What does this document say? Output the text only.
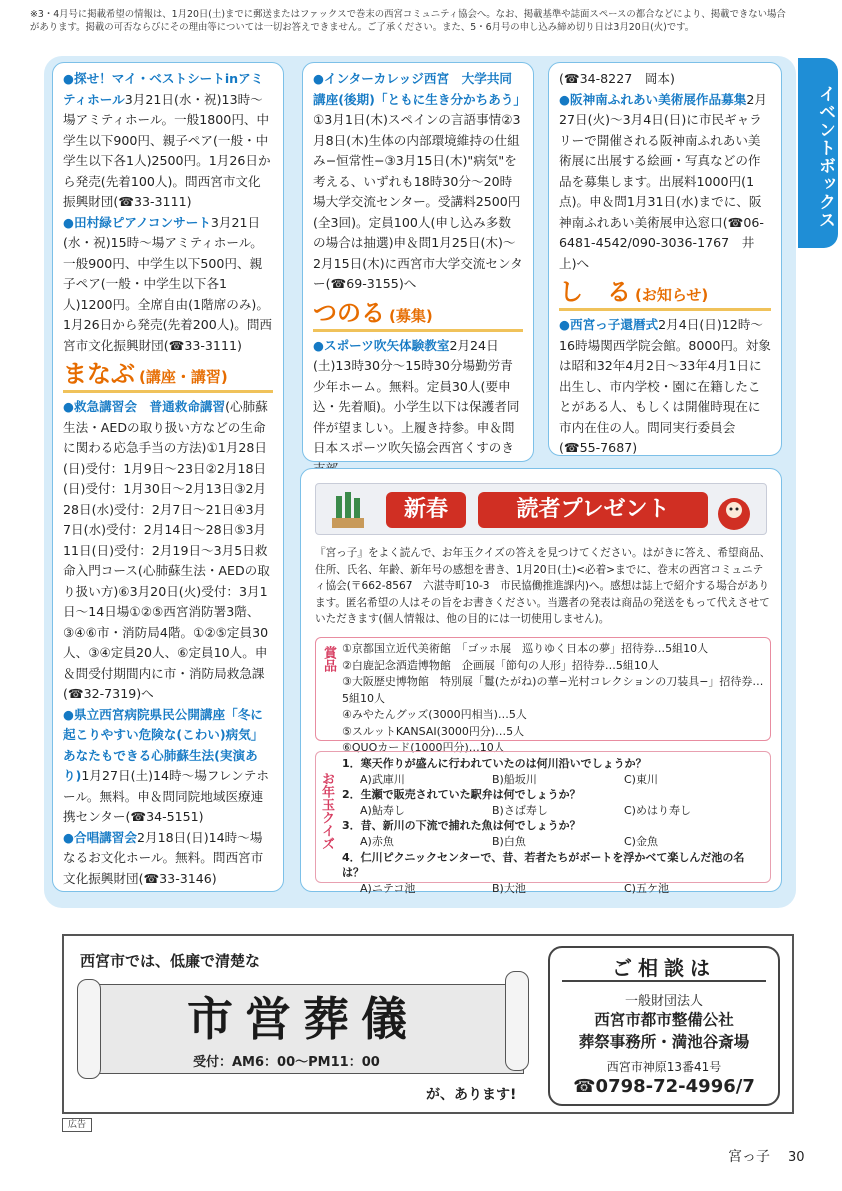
※3・4月号に掲載希望の情報は、1月20日(土)までに郵送またはファックスで巻末の西宮コミュニティ協会へ。なお、掲載基準や誌面スペースの都合などにより、掲載できない場合があります。掲載の可否ならびにその理由等については一切お答えできません。ご了承ください。また、5・6月号の申し込み締め切り日は3月20日(火)です。
イベントボックス
●探せ！マイ・ベストシートinアミティホール3月21日(水・祝)13時〜場アミティホール。一般1800円、中学生以下900円、親子ペア(一般・中学生以下各1人)2500円。1月26日から発売(先着100人)。問西宮市文化振興財団(☎33-3111)
●田村緑ピアノコンサート3月21日(水・祝)15時〜場アミティホール。一般900円、中学生以下500円、親子ペア(一般・中学生以下各1人)1200円。全席自由(1階席のみ)。1月26日から発売(先着200人)。問西宮市文化振興財団(☎33-3111)
まなぶ (講座・講習)
●救急講習会　普通救命講習(心肺蘇生法・AEDの取り扱い方などの生命に関わる応急手当の方法)①1月28日(日)受付：1月9日〜23日②2月18日(日)受付：1月30日〜2月13日③2月28日(水)受付：2月7日〜21日④3月7日(水)受付：2月14日〜28日⑤3月11日(日)受付：2月19日〜3月5日救命入門コース(心肺蘇生法・AEDの取り扱い方)⑥3月20日(火)受付：3月1日〜14日場①②⑤西宮消防署3階、③④⑥市・消防局4階。①②⑤定員30人、③④定員20人、⑥定員10人。申＆問受付期間内に市・消防局救急課(☎32-7319)へ
●県立西宮病院県民公開講座「冬に起こりやすい危険な(こわい)病気」あなたもできる心肺蘇生法(実演あり)1月27日(土)14時〜場フレンテホール。無料。申＆問同院地域医療連携センター(☎34-5151)
●合唱講習会2月18日(日)14時〜場なるお文化ホール。無料。問西宮市文化振興財団(☎33-3146)
●インターカレッジ西宮　大学共同講座(後期)「ともに生き分かちあう」①3月1日(木)スペインの言語事情②3月8日(木)生体の内部環境維持の仕組み−恒常性−③3月15日(木)"病気"を考える、いずれも18時30分〜20時場大学交流センター。受講料2500円(全3回)。定員100人(申し込み多数の場合は抽選)申＆問1月25日(木)〜2月15日(木)に西宮市大学交流センター(☎69-3155)へ
つのる (募集)
●スポーツ吹矢体験教室2月24日(土)13時30分〜15時30分場勤労青少年ホーム。無料。定員30人(要申込・先着順)。小学生以下は保護者同伴が望ましい。上履き持参。申＆問日本スポーツ吹矢協会西宮くすのき
(☎34-8227　岡本)
●阪神南ふれあい美術展作品募集2月27日(火)〜3月4日(日)に市民ギャラリーで開催される阪神南ふれあい美術展に出展する絵画・写真などの作品を募集します。出展料1000円(1点)。申＆問1月31日(水)までに、阪神南ふれあい美術展申込窓口(☎06-6481-4542/090-3036-1767　井上)へ
し　る (お知らせ)
●西宮っ子還暦式2月4日(日)12時〜16時場関西学院会館。8000円。対象は昭和32年4月2日〜33年4月1日に出生し、市内学校・園に在籍したことがある人、もしくは開催時現在に市内在住の人。問同実行委員会(☎55-7687)
新春	読者プレゼント
『宮っ子』をよく読んで、お年玉クイズの答えを見つけてください。はがきに答え、希望商品、住所、氏名、年齢、新年号の感想を書き、1月20日(土)<必着>までに、巻末の西宮コミュニティ協会(〒662-8567　六湛寺町10-3　市民協働推進課内)へ。感想は誌上で紹介する場合があります。匿名希望の人はその旨をお書きください。当選者の発表は商品の発送をもって代えさせていただきます(個人情報は、他の目的には一切使用しません)。
賞品 ①京都国立近代美術館　「ゴッホ展　巡りゆく日本の夢」招待券…5組10人
②白鹿記念酒造博物館　企画展「節句の人形」招待券…5組10人
③大阪歴史博物館　特別展「鬘(たがね)の華−光村コレクションの刀装具−」招待券…5組10人
④みやたんグッズ(3000円相当)…5人
⑤スルットKANSAI(3000円分)…5人
⑥QUOカード(1000円分)…10人
お年玉クイズ
1．寒天作りが盛んに行われていたのは何川沿いでしょうか？
A)武庫川	B)船坂川	C)東川
2．生瀬で販売されていた駅弁は何でしょうか？
A)鮎寿し	B)さば寿し	C)めはり寿し
3．昔、新川の下流で捕れた魚は何でしょうか？
A)赤魚	B)白魚	C)金魚
4．仁川ピクニックセンターで、昔、若者たちがボートを浮かべて楽しんだ池の名は？
A)ニテコ池	B)大池	C)五ケ池
西宮市では、低廉で清楚な
市営葬儀
受付：AM6：00〜PM11：00
が、あります!
ご相談は
一般財団法人
西宮市都市整備公社
葬祭事務所・満池谷斎場
西宮市神原13番41号
☎0798-72-4996/7
広告
宮っ子 30
